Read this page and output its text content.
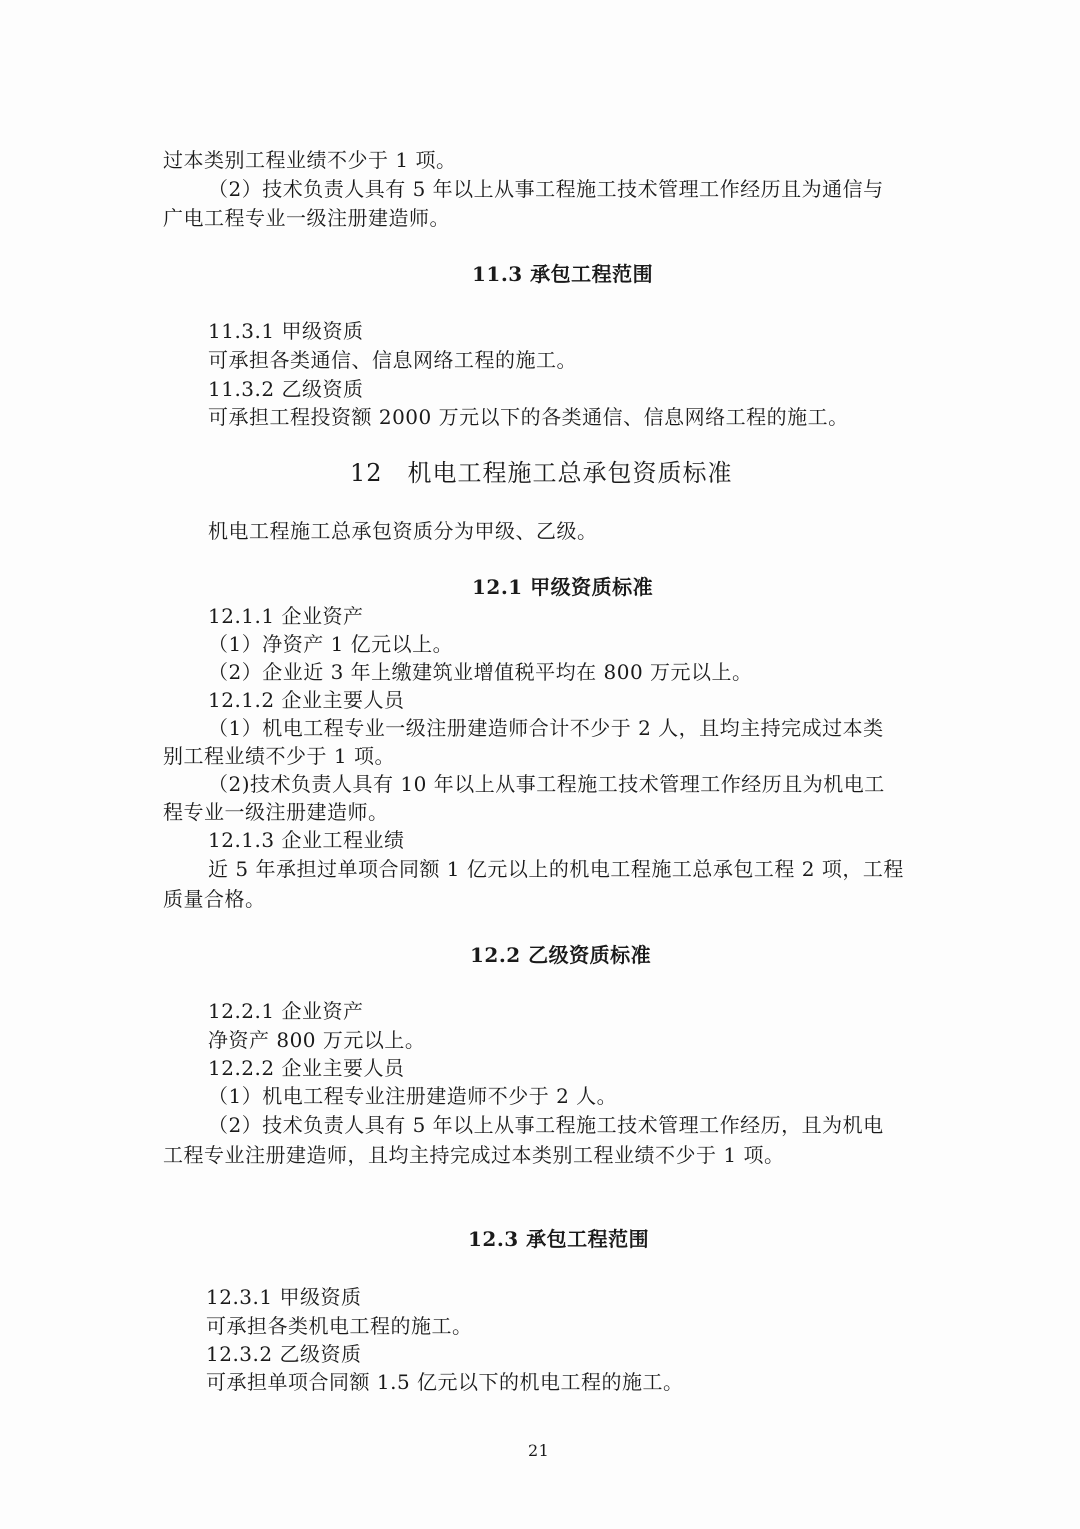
过本类别工程业绩不少于 1 项。
（2）技术负责人具有 5 年以上从事工程施工技术管理工作经历且为通信与
广电工程专业一级注册建造师。
11.3 承包工程范围
11.3.1 甲级资质
可承担各类通信、信息网络工程的施工。
11.3.2 乙级资质
可承担工程投资额 2000 万元以下的各类通信、信息网络工程的施工。
12　机电工程施工总承包资质标准
机电工程施工总承包资质分为甲级、乙级。
12.1 甲级资质标准
12.1.1 企业资产
（1）净资产 1 亿元以上。
（2）企业近 3 年上缴建筑业增值税平均在 800 万元以上。
12.1.2 企业主要人员
（1）机电工程专业一级注册建造师合计不少于 2 人，且均主持完成过本类
别工程业绩不少于 1 项。
（2)技术负责人具有 10 年以上从事工程施工技术管理工作经历且为机电工
程专业一级注册建造师。
12.1.3 企业工程业绩
近 5 年承担过单项合同额 1 亿元以上的机电工程施工总承包工程 2 项，工程
质量合格。
12.2 乙级资质标准
12.2.1 企业资产
净资产 800 万元以上。
12.2.2 企业主要人员
（1）机电工程专业注册建造师不少于 2 人。
（2）技术负责人具有 5 年以上从事工程施工技术管理工作经历，且为机电
工程专业注册建造师，且均主持完成过本类别工程业绩不少于 1 项。
12.3 承包工程范围
12.3.1 甲级资质
可承担各类机电工程的施工。
12.3.2 乙级资质
可承担单项合同额 1.5 亿元以下的机电工程的施工。
21
